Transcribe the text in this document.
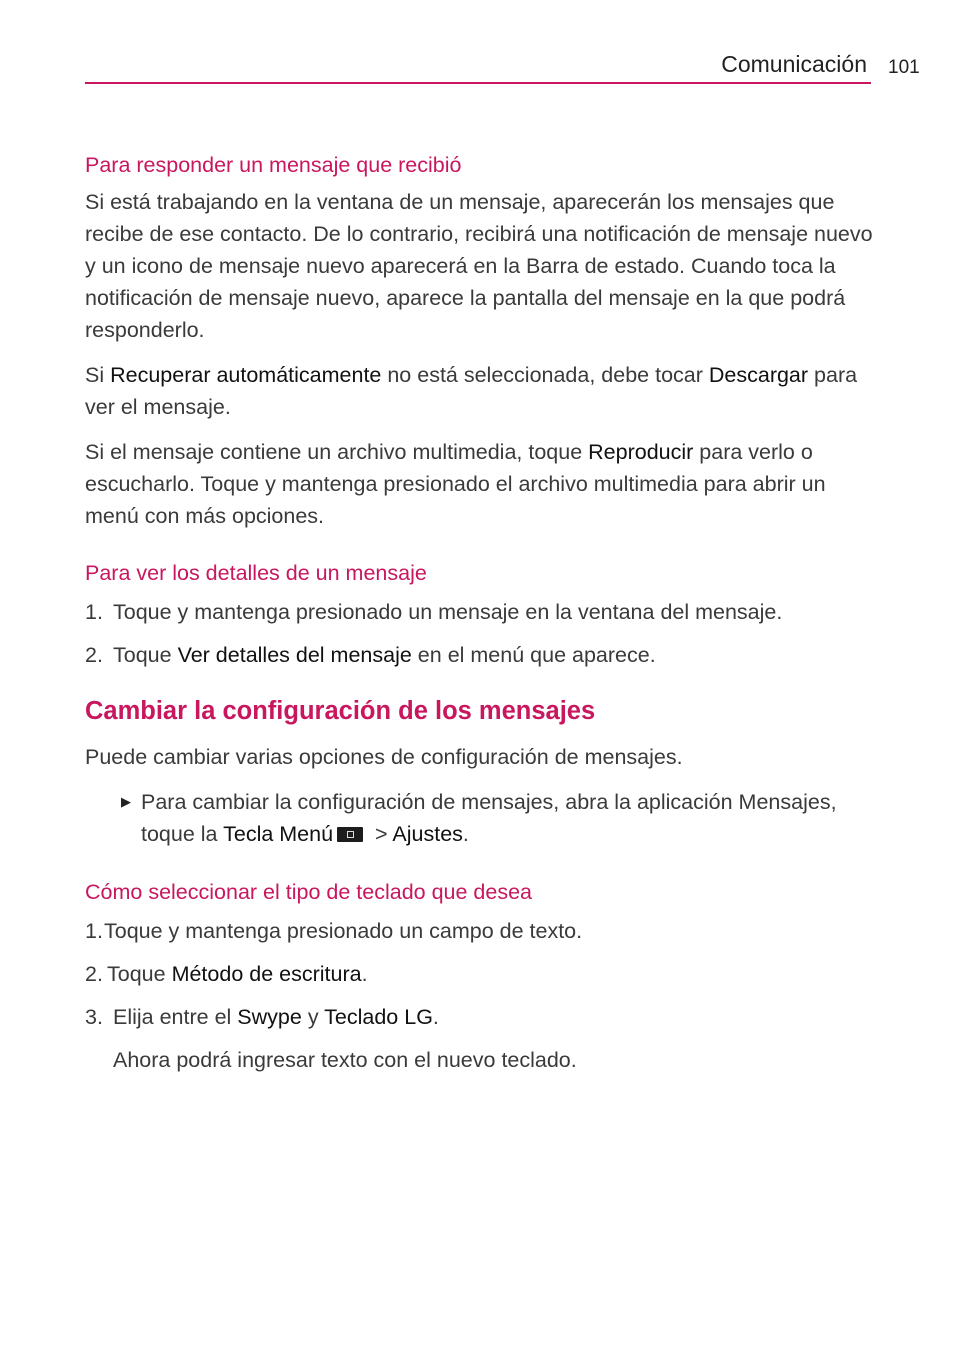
Comunicación 101
Para responder un mensaje que recibió

Si está trabajando en la ventana de un mensaje, aparecerán los mensajes que recibe de ese contacto. De lo contrario, recibirá una notificación de mensaje nuevo y un icono de mensaje nuevo aparecerá en la Barra de estado. Cuando toca la notificación de mensaje nuevo, aparece la pantalla del mensaje en la que podrá responderlo.

Si Recuperar automáticamente no está seleccionada, debe tocar Descargar para ver el mensaje.

Si el mensaje contiene un archivo multimedia, toque Reproducir para verlo o escucharlo. Toque y mantenga presionado el archivo multimedia para abrir un menú con más opciones.

Para ver los detalles de un mensaje
1. Toque y mantenga presionado un mensaje en la ventana del mensaje.
2. Toque Ver detalles del mensaje en el menú que aparece.
Cambiar la configuración de los mensajes

Puede cambiar varias opciones de configuración de mensajes.

▶ Para cambiar la configuración de mensajes, abra la aplicación Mensajes, toque la Tecla Menú > Ajustes.
Cómo seleccionar el tipo de teclado que desea
1.Toque y mantenga presionado un campo de texto.
2. Toque Método de escritura.
3. Elija entre el Swype y Teclado LG.

Ahora podrá ingresar texto con el nuevo teclado.
